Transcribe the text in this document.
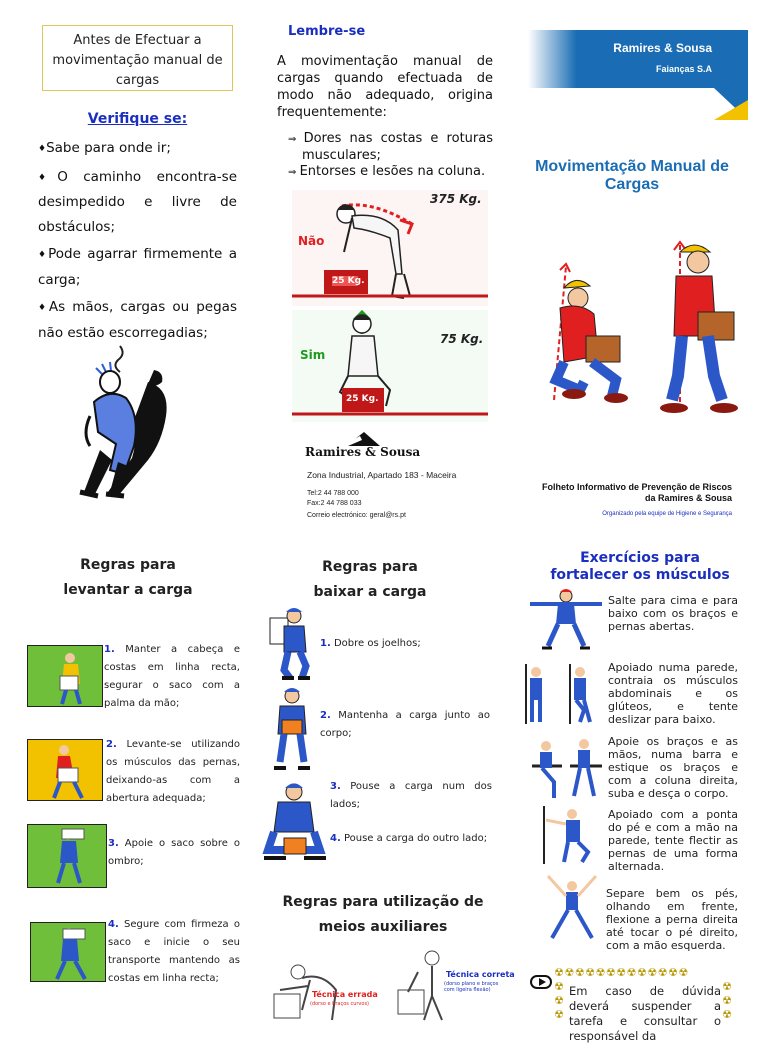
Antes de Efectuar a movimentação manual de cargas
Verifique se:

♦Sabe para onde ir;

♦O caminho encontra-se desimpedido e livre de obstáculos;

♦Pode agarrar firmemente a carga;

♦As mãos, cargas ou pegas não estão escorregadias;

Lembre-se
A movimentação manual de cargas quando efectuada de modo não adequado, origina frequentemente:

⇒ Dores nas costas e roturas musculares;

⇒ Entorses e lesões na coluna.

25 Kg.
375 Kg.
Não
25 Kg.
75 Kg.
Sim
Ramires & Sousa
Zona Industrial, Apartado 183 - Maceira

Tel:2 44 788 000

Fax:2 44 788 033

Correio electrónico: geral@rs.pt

Ramires & Sousa
Faianças S.A
Movimentação Manual de Cargas

Folheto Informativo de Prevenção de Riscos

da Ramires & Sousa

Organizado pela equipe de Higiene e Segurança

Regras para

levantar a carga

1. Manter a cabeça e costas em linha recta, segurar o saco com a palma da mão;
2. Levante-se utilizando os músculos das pernas, deixando-as com a abertura adequada;
3. Apoie o saco sobre o ombro;
4. Segure com firmeza o saco e inicie o seu transporte mantendo as costas em linha recta;

Regras para

baixar a carga

1. Dobre os joelhos;
2. Mantenha a carga junto ao corpo;
3. Pouse a carga num dos lados;
4. Pouse a carga do outro lado;

Regras para utilização de

meios auxiliares

Técnica errada
(dorso e braços curvos)
Técnica correta
(dorso plano e braços com ligeira flexão)

Exercícios para

fortalecer os músculos

Salte para cima e para baixo com os braços e pernas abertas.
Apoiado numa parede, contraia os músculos abdominais e os glúteos, e tente deslizar para baixo.
Apoie os braços e as mãos, numa barra e estique os braços e com a coluna direita, suba e desça o corpo.
Apoiado com a ponta do pé e com a mão na parede, tente flectir as pernas de uma forma alternada.
Separe bem os pés, olhando em frente, flexione a perna direita até tocar o pé direito, com a mão esquerda.
☢☢☢☢☢☢☢☢☢☢☢☢☢
☢
☢
☢
☢
☢
☢
Em caso de dúvida deverá suspender a tarefa e consultar o responsável da
